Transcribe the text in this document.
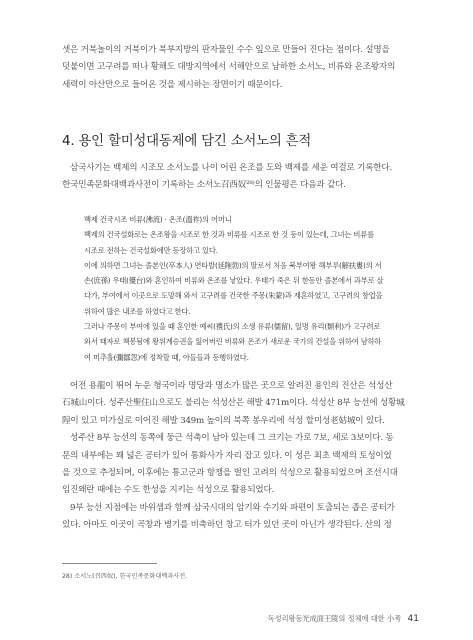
셋은 거북놀이의 거북이가 북부지방의 판자물인 수수 잎으로 만들어 진다는 점이다. 설명을
덧붙이면 고구려를 떠나 황해도 대방지역에서 서해안으로 남하한 소서노, 비류와 온조왕자의
세력이 아산만으로 들어온 것을 제시하는 장면이기 때문이다.
4. 용인 할미성대동제에 담긴 소서노의 흔적
삼국사기는 백제의 시조모 소서노를 나이 어린 온조를 도와 백제를 세운 여걸로 기록한다.
한국민족문화대백과사전이 기록하는 소서노召西奴²⁸⁾의 인물평은 다음과 같다.
백제 건국시조 비류(沸流) · 온조(溫祚)의 어머니
백제의 건국설화로는 온조왕을 시조로 한 것과 비류를 시조로 한 것 등이 있는데, 그녀는 비류를
시조로 전하는 건국설화에만 등장하고 있다.
이에 의하면 그녀는 졸본인(卒本人) 연타발(延陁勃)의 딸로서 처음 북부여왕 해부루(解扶婁)의 서
손(庶孫) 우태(優台)와 혼인하여 비류와 온조를 낳았다. 우태가 죽은 뒤 한동안 졸본에서 과부로 살
다가, 부여에서 이곳으로 도망해 와서 고구려를 건국한 주몽(朱蒙)과 재혼하였고, 고구려의 창업을
위하여 많은 내조를 하였다고 한다.
그러나 주몽이 부여에 있을 때 혼인한 예씨(禮氏)의 소생 유류(儒留), 일명 유리(類利)가 고구려로
와서 태자로 책봉됨에 왕위계승권을 잃어버린 비류와 온조가 새로운 국가의 건설을 위하여 남하하
여 미추홀(彌鄒忽)에 정착할 때, 아들들과 동행하였다.
어전 용龍이 뛰어 누운 형국이라 명당과 명소가 많은 곳으로 알려진 용인의 진산은 석성산
石城山이다. 성주산聖住山으로도 불리는 석성산은 해발 471m이다. 석성산 8부 능선에 성황城
隍이 있고 미가실로 이어진 해발 349m 높이의 북쪽 봉우리에 석성 할미성老姑城이 있다.
성주산 8부 능선의 동쪽에 둥근 석축이 남아 있는데 그 크기는 가로 7보, 세로 3보이다. 동
문의 내부에는 꽤 넓은 공터가 있어 통화사가 자리 잡고 있다. 이 성은 최초 백제의 토성이었
을 것으로 추정되며, 이후에는 통고군과 항쟁을 벌인 고려의 석성으로 활용되었으며 조선시대
임진왜란 때에는 수도 한성을 지키는 석성으로 활용되었다.
9부 능선 지점에는 바위샘과 함께 삼국시대의 암기와 수기와 파편이 토출되는 좁은 공터가
있다. 아마도 이곳이 곡창과 병기를 비축하던 창고 터가 있던 곳이 아닌가 생각된다. 산의 정
28) 소서노(召西奴), 한국민족문화대백과사전.
독성리왕동光成面王陵의 정체에 대한 小考 41
